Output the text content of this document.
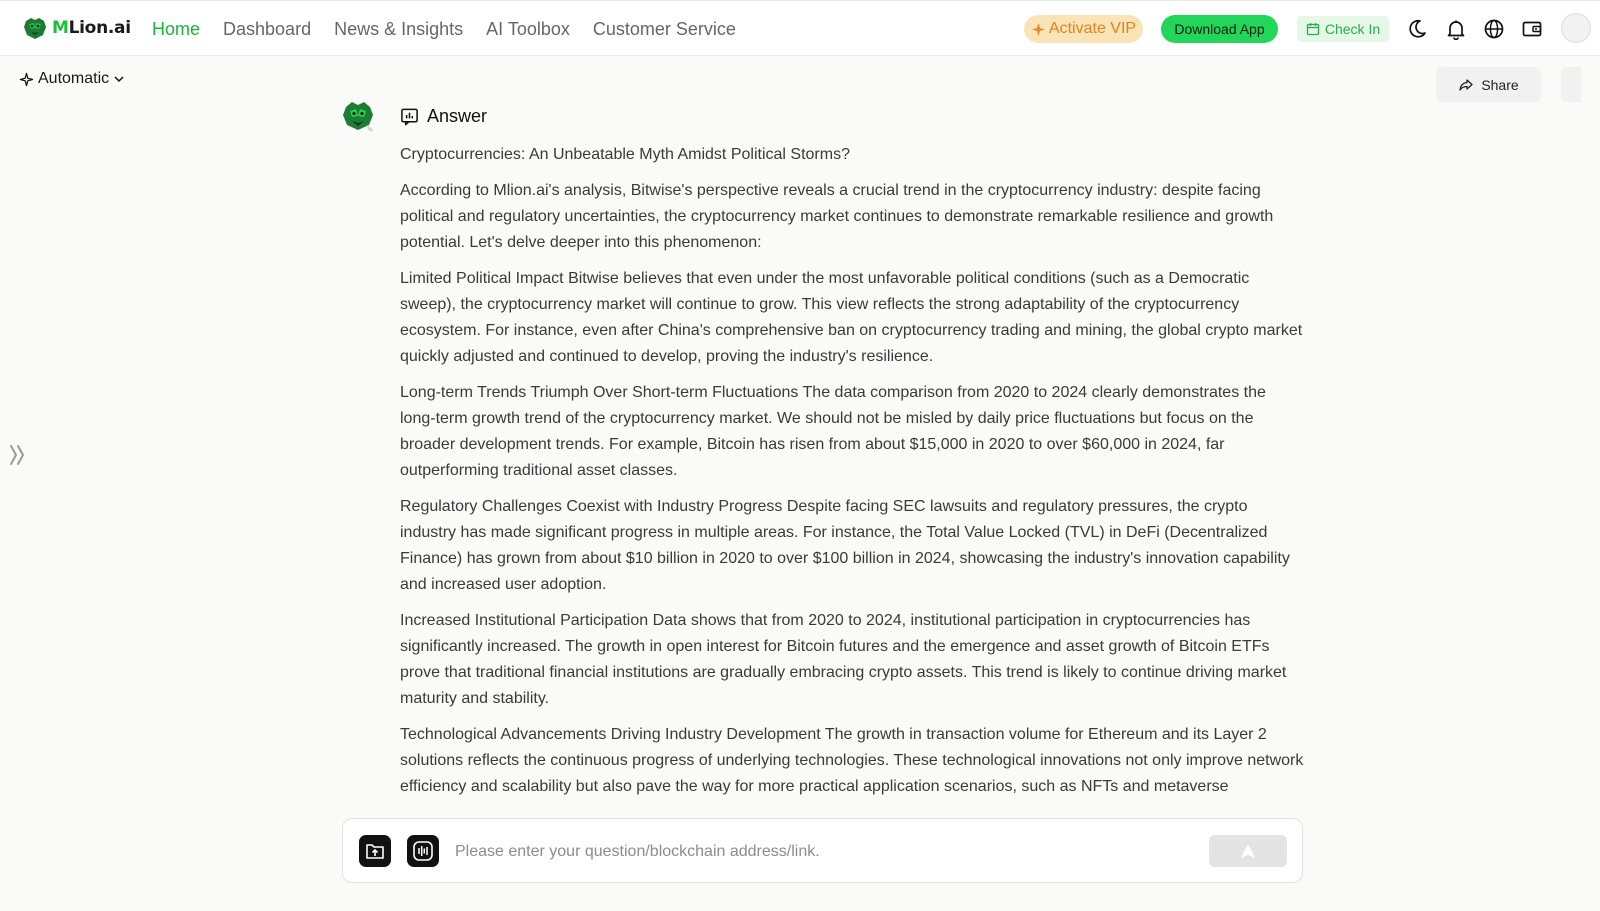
MLion.ai Home Dashboard News & Insights AI Toolbox Customer Service	Activate VIP	Download App	Check In
Automatic	Share
Answer

Cryptocurrencies: An Unbeatable Myth Amidst Political Storms?

According to Mlion.ai's analysis, Bitwise's perspective reveals a crucial trend in the cryptocurrency industry: despite facing political and regulatory uncertainties, the cryptocurrency market continues to demonstrate remarkable resilience and growth potential. Let's delve deeper into this phenomenon:

Limited Political Impact Bitwise believes that even under the most unfavorable political conditions (such as a Democratic sweep), the cryptocurrency market will continue to grow. This view reflects the strong adaptability of the cryptocurrency ecosystem. For instance, even after China's comprehensive ban on cryptocurrency trading and mining, the global crypto market quickly adjusted and continued to develop, proving the industry's resilience.

Long-term Trends Triumph Over Short-term Fluctuations The data comparison from 2020 to 2024 clearly demonstrates the long-term growth trend of the cryptocurrency market. We should not be misled by daily price fluctuations but focus on the broader development trends. For example, Bitcoin has risen from about $15,000 in 2020 to over $60,000 in 2024, far outperforming traditional asset classes.

Regulatory Challenges Coexist with Industry Progress Despite facing SEC lawsuits and regulatory pressures, the crypto industry has made significant progress in multiple areas. For instance, the Total Value Locked (TVL) in DeFi (Decentralized Finance) has grown from about $10 billion in 2020 to over $100 billion in 2024, showcasing the industry's innovation capability and increased user adoption.

Increased Institutional Participation Data shows that from 2020 to 2024, institutional participation in cryptocurrencies has significantly increased. The growth in open interest for Bitcoin futures and the emergence and asset growth of Bitcoin ETFs prove that traditional financial institutions are gradually embracing crypto assets. This trend is likely to continue driving market maturity and stability.

Technological Advancements Driving Industry Development The growth in transaction volume for Ethereum and its Layer 2 solutions reflects the continuous progress of underlying technologies. These technological innovations not only improve network efficiency and scalability but also pave the way for more practical application scenarios, such as NFTs and metaverse

Please enter your question/blockchain address/link.
